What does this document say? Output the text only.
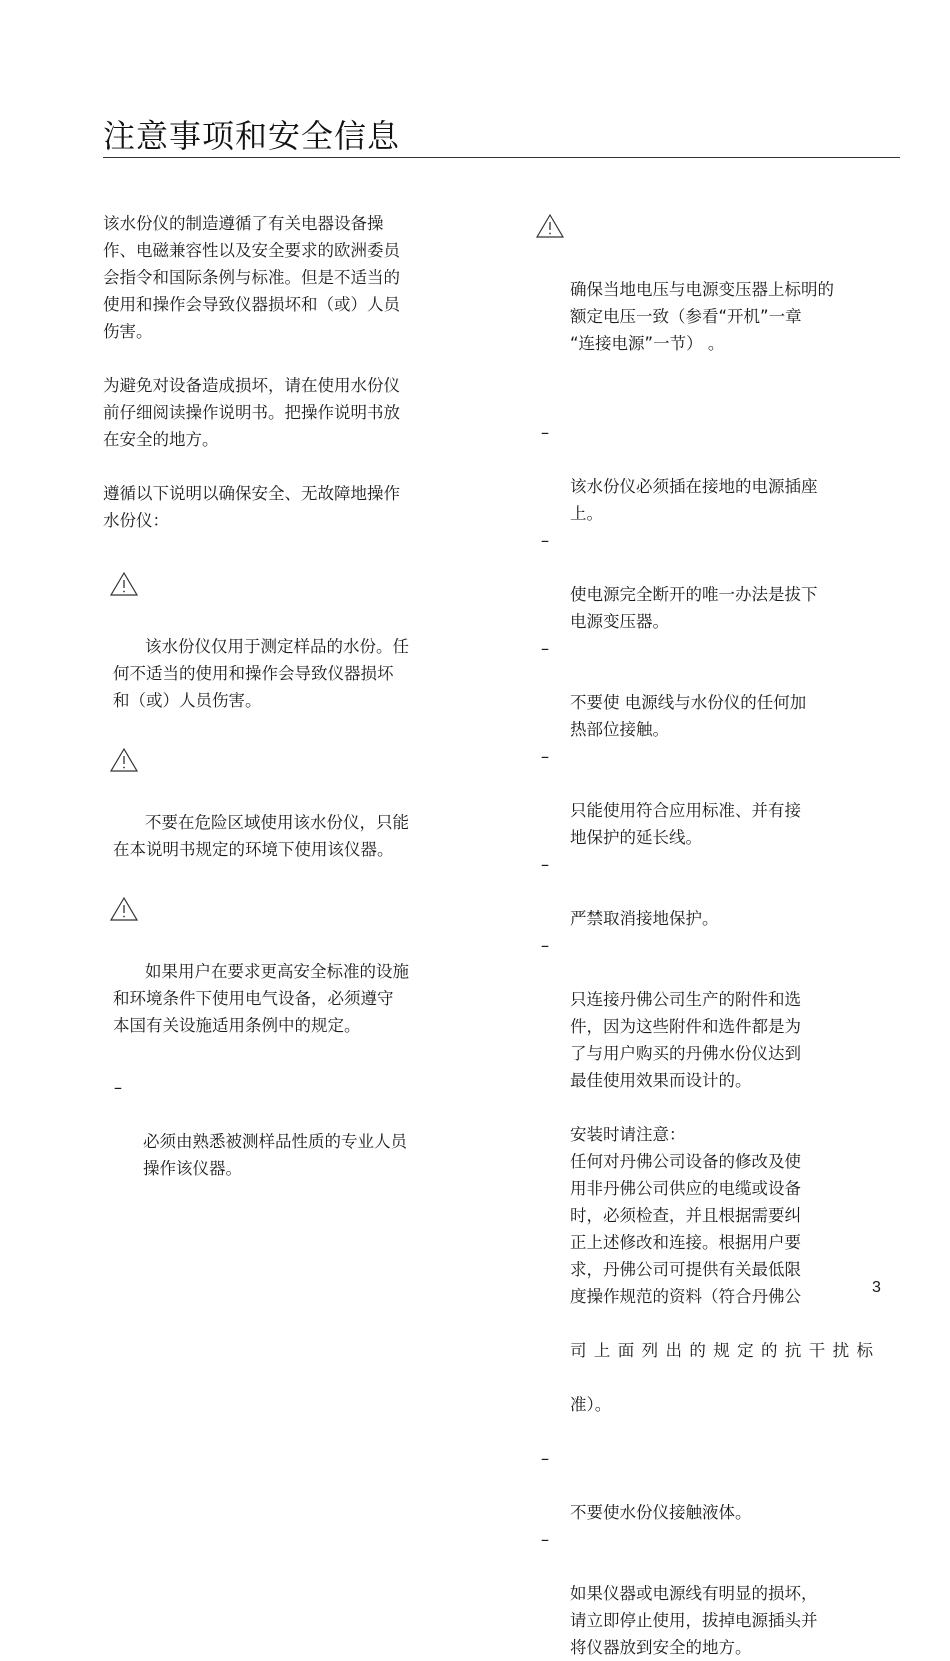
注意事项和安全信息

该水份仪的制造遵循了有关电器设备操
作、电磁兼容性以及安全要求的欧洲委员
会指令和国际条例与标准。但是不适当的
使用和操作会导致仪器损坏和（或）人员
伤害。

为避免对设备造成损坏，请在使用水份仪
前仔细阅读操作说明书。把操作说明书放
在安全的地方。

遵循以下说明以确保安全、无故障地操作
水份仪：

该水份仪仅用于测定样品的水份。任
何不适当的使用和操作会导致仪器损坏
和（或）人员伤害。

不要在危险区域使用该水份仪，只能
在本说明书规定的环境下使用该仪器。

如果用户在要求更高安全标准的设施
和环境条件下使用电气设备，必须遵守
本国有关设施适用条例中的规定。

–

必须由熟悉被测样品性质的专业人员
操作该仪器。

确保当地电压与电源变压器上标明的
额定电压一致（参看“开机”一章
“连接电源”一节） 。

–

该水份仪必须插在接地的电源插座
上。

–

使电源完全断开的唯一办法是拔下
电源变压器。

–

不要使 电源线与水份仪的任何加
热部位接触。

–

只能使用符合应用标准、并有接
地保护的延长线。

–

严禁取消接地保护。

–

只连接丹佛公司生产的附件和选
件，因为这些附件和选件都是为
了与用户购买的丹佛水份仪达到
最佳使用效果而设计的。

安装时请注意：
任何对丹佛公司设备的修改及使
用非丹佛公司供应的电缆或设备
时，必须检查，并且根据需要纠
正上述修改和连接。根据用户要
求，丹佛公司可提供有关最低限
度操作规范的资料（符合丹佛公

司 上 面 列 出 的 规 定 的 抗 干 扰 标

准）。

–

不要使水份仪接触液体。

–

如果仪器或电源线有明显的损坏，
请立即停止使用，拔掉电源插头并
将仪器放到安全的地方。

3
